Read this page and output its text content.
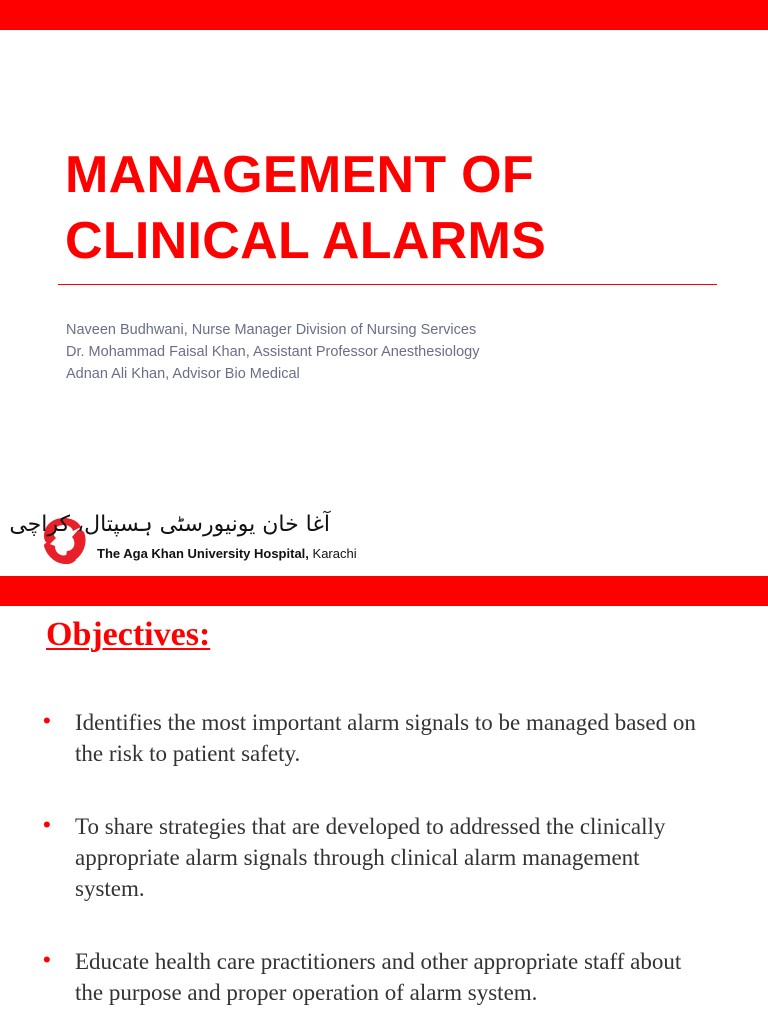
MANAGEMENT OF
CLINICAL ALARMS
Naveen Budhwani, Nurse Manager Division of Nursing Services
Dr. Mohammad Faisal Khan, Assistant Professor Anesthesiology
Adnan Ali Khan, Advisor Bio Medical
آغا خان یونیورسٹی ہسپتال، کراچی
The Aga Khan University Hospital, Karachi
Objectives:
• Identifies the most important alarm signals to be managed based on the risk to patient safety.
• To share strategies that are developed to addressed the clinically appropriate alarm signals through clinical alarm management system.
• Educate health care practitioners and other appropriate staff about the purpose and proper operation of alarm system.
